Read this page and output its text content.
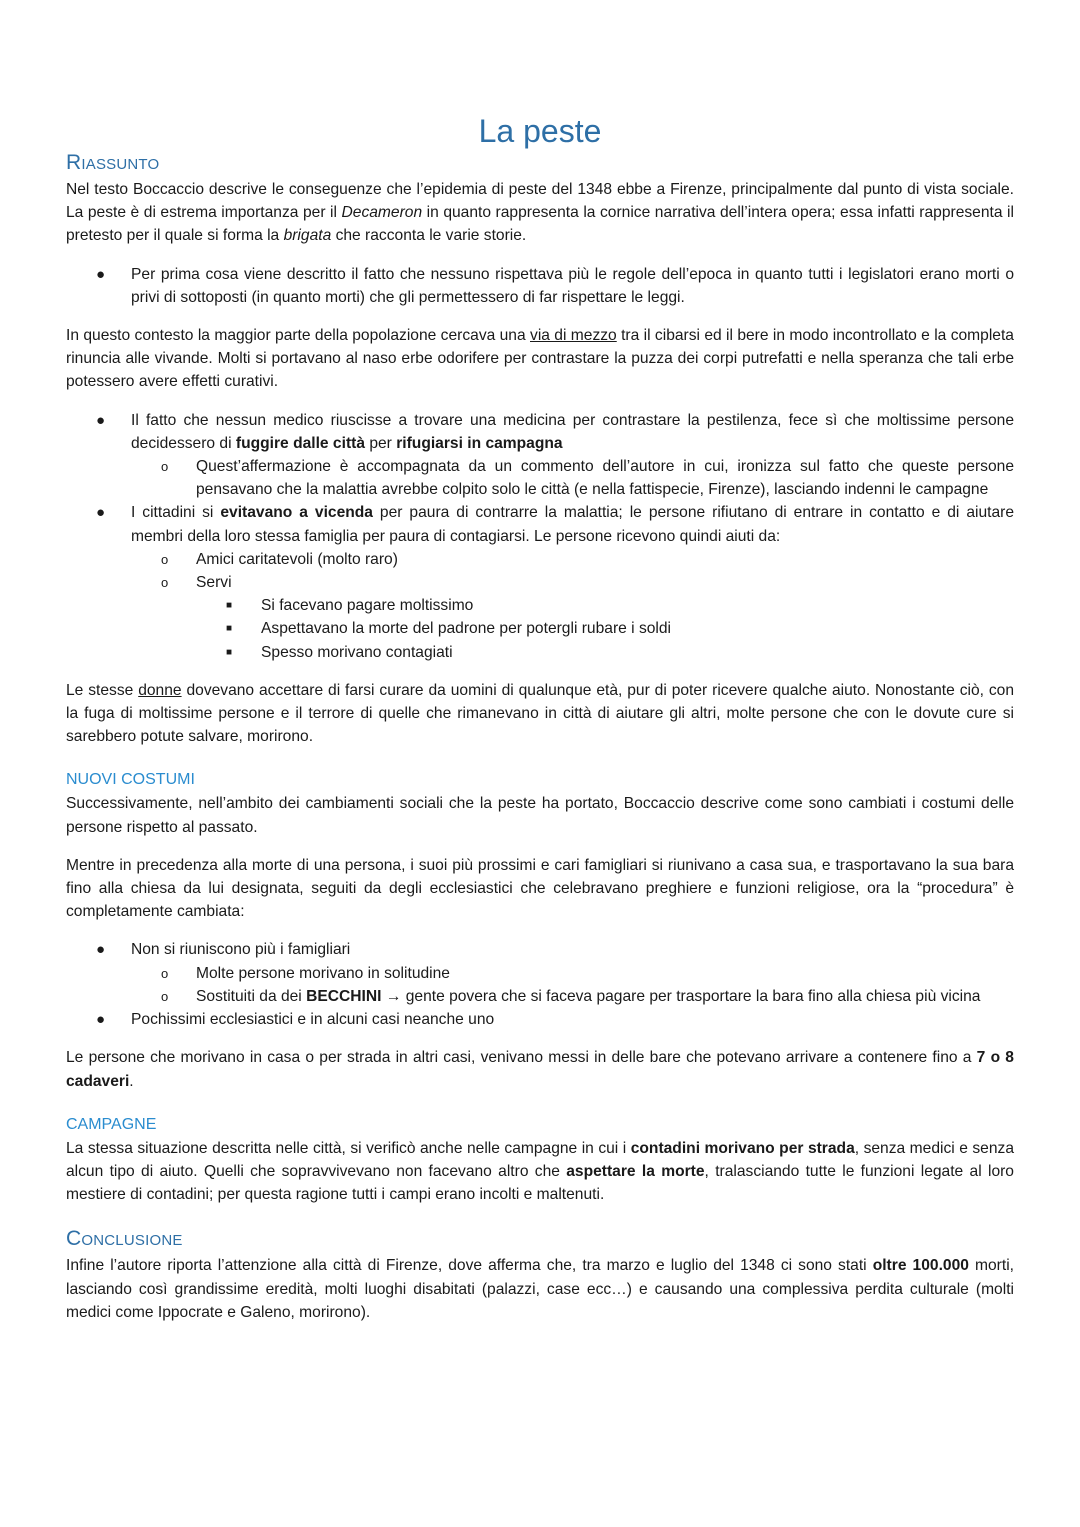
La peste
Riassunto

Nel testo Boccaccio descrive le conseguenze che l’epidemia di peste del 1348 ebbe a Firenze, principalmente dal punto di vista sociale. La peste è di estrema importanza per il Decameron in quanto rappresenta la cornice narrativa dell’intera opera; essa infatti rappresenta il pretesto per il quale si forma la brigata che racconta le varie storie.

● Per prima cosa viene descritto il fatto che nessuno rispettava più le regole dell’epoca in quanto tutti i legislatori erano morti o privi di sottoposti (in quanto morti) che gli permettessero di far rispettare le leggi.

In questo contesto la maggior parte della popolazione cercava una via di mezzo tra il cibarsi ed il bere in modo incontrollato e la completa rinuncia alle vivande. Molti si portavano al naso erbe odorifere per contrastare la puzza dei corpi putrefatti e nella speranza che tali erbe potessero avere effetti curativi.

● Il fatto che nessun medico riuscisse a trovare una medicina per contrastare la pestilenza, fece sì che moltissime persone decidessero di fuggire dalle città per rifugiarsi in campagna
o Quest’affermazione è accompagnata da un commento dell’autore in cui, ironizza sul fatto che queste persone pensavano che la malattia avrebbe colpito solo le città (e nella fattispecie, Firenze), lasciando indenni le campagne
● I cittadini si evitavano a vicenda per paura di contrarre la malattia; le persone rifiutano di entrare in contatto e di aiutare membri della loro stessa famiglia per paura di contagiarsi. Le persone ricevono quindi aiuti da:
o Amici caritatevoli (molto raro)
o Servi
■ Si facevano pagare moltissimo
■ Aspettavano la morte del padrone per potergli rubare i soldi
■ Spesso morivano contagiati

Le stesse donne dovevano accettare di farsi curare da uomini di qualunque età, pur di poter ricevere qualche aiuto. Nonostante ciò, con la fuga di moltissime persone e il terrore di quelle che rimanevano in città di aiutare gli altri, molte persone che con le dovute cure si sarebbero potute salvare, morirono.

NUOVI COSTUMI

Successivamente, nell’ambito dei cambiamenti sociali che la peste ha portato, Boccaccio descrive come sono cambiati i costumi delle persone rispetto al passato.

Mentre in precedenza alla morte di una persona, i suoi più prossimi e cari famigliari si riunivano a casa sua, e trasportavano la sua bara fino alla chiesa da lui designata, seguiti da degli ecclesiastici che celebravano preghiere e funzioni religiose, ora la “procedura” è completamente cambiata:

● Non si riuniscono più i famigliari
o Molte persone morivano in solitudine
o Sostituiti da dei BECCHINI → gente povera che si faceva pagare per trasportare la bara fino alla chiesa più vicina
● Pochissimi ecclesiastici e in alcuni casi neanche uno

Le persone che morivano in casa o per strada in altri casi, venivano messi in delle bare che potevano arrivare a contenere fino a 7 o 8 cadaveri.

CAMPAGNE

La stessa situazione descritta nelle città, si verificò anche nelle campagne in cui i contadini morivano per strada, senza medici e senza alcun tipo di aiuto. Quelli che sopravvivevano non facevano altro che aspettare la morte, tralasciando tutte le funzioni legate al loro mestiere di contadini; per questa ragione tutti i campi erano incolti e maltenuti.

Conclusione

Infine l’autore riporta l’attenzione alla città di Firenze, dove afferma che, tra marzo e luglio del 1348 ci sono stati oltre 100.000 morti, lasciando così grandissime eredità, molti luoghi disabitati (palazzi, case ecc…) e causando una complessiva perdita culturale (molti medici come Ippocrate e Galeno, morirono).
